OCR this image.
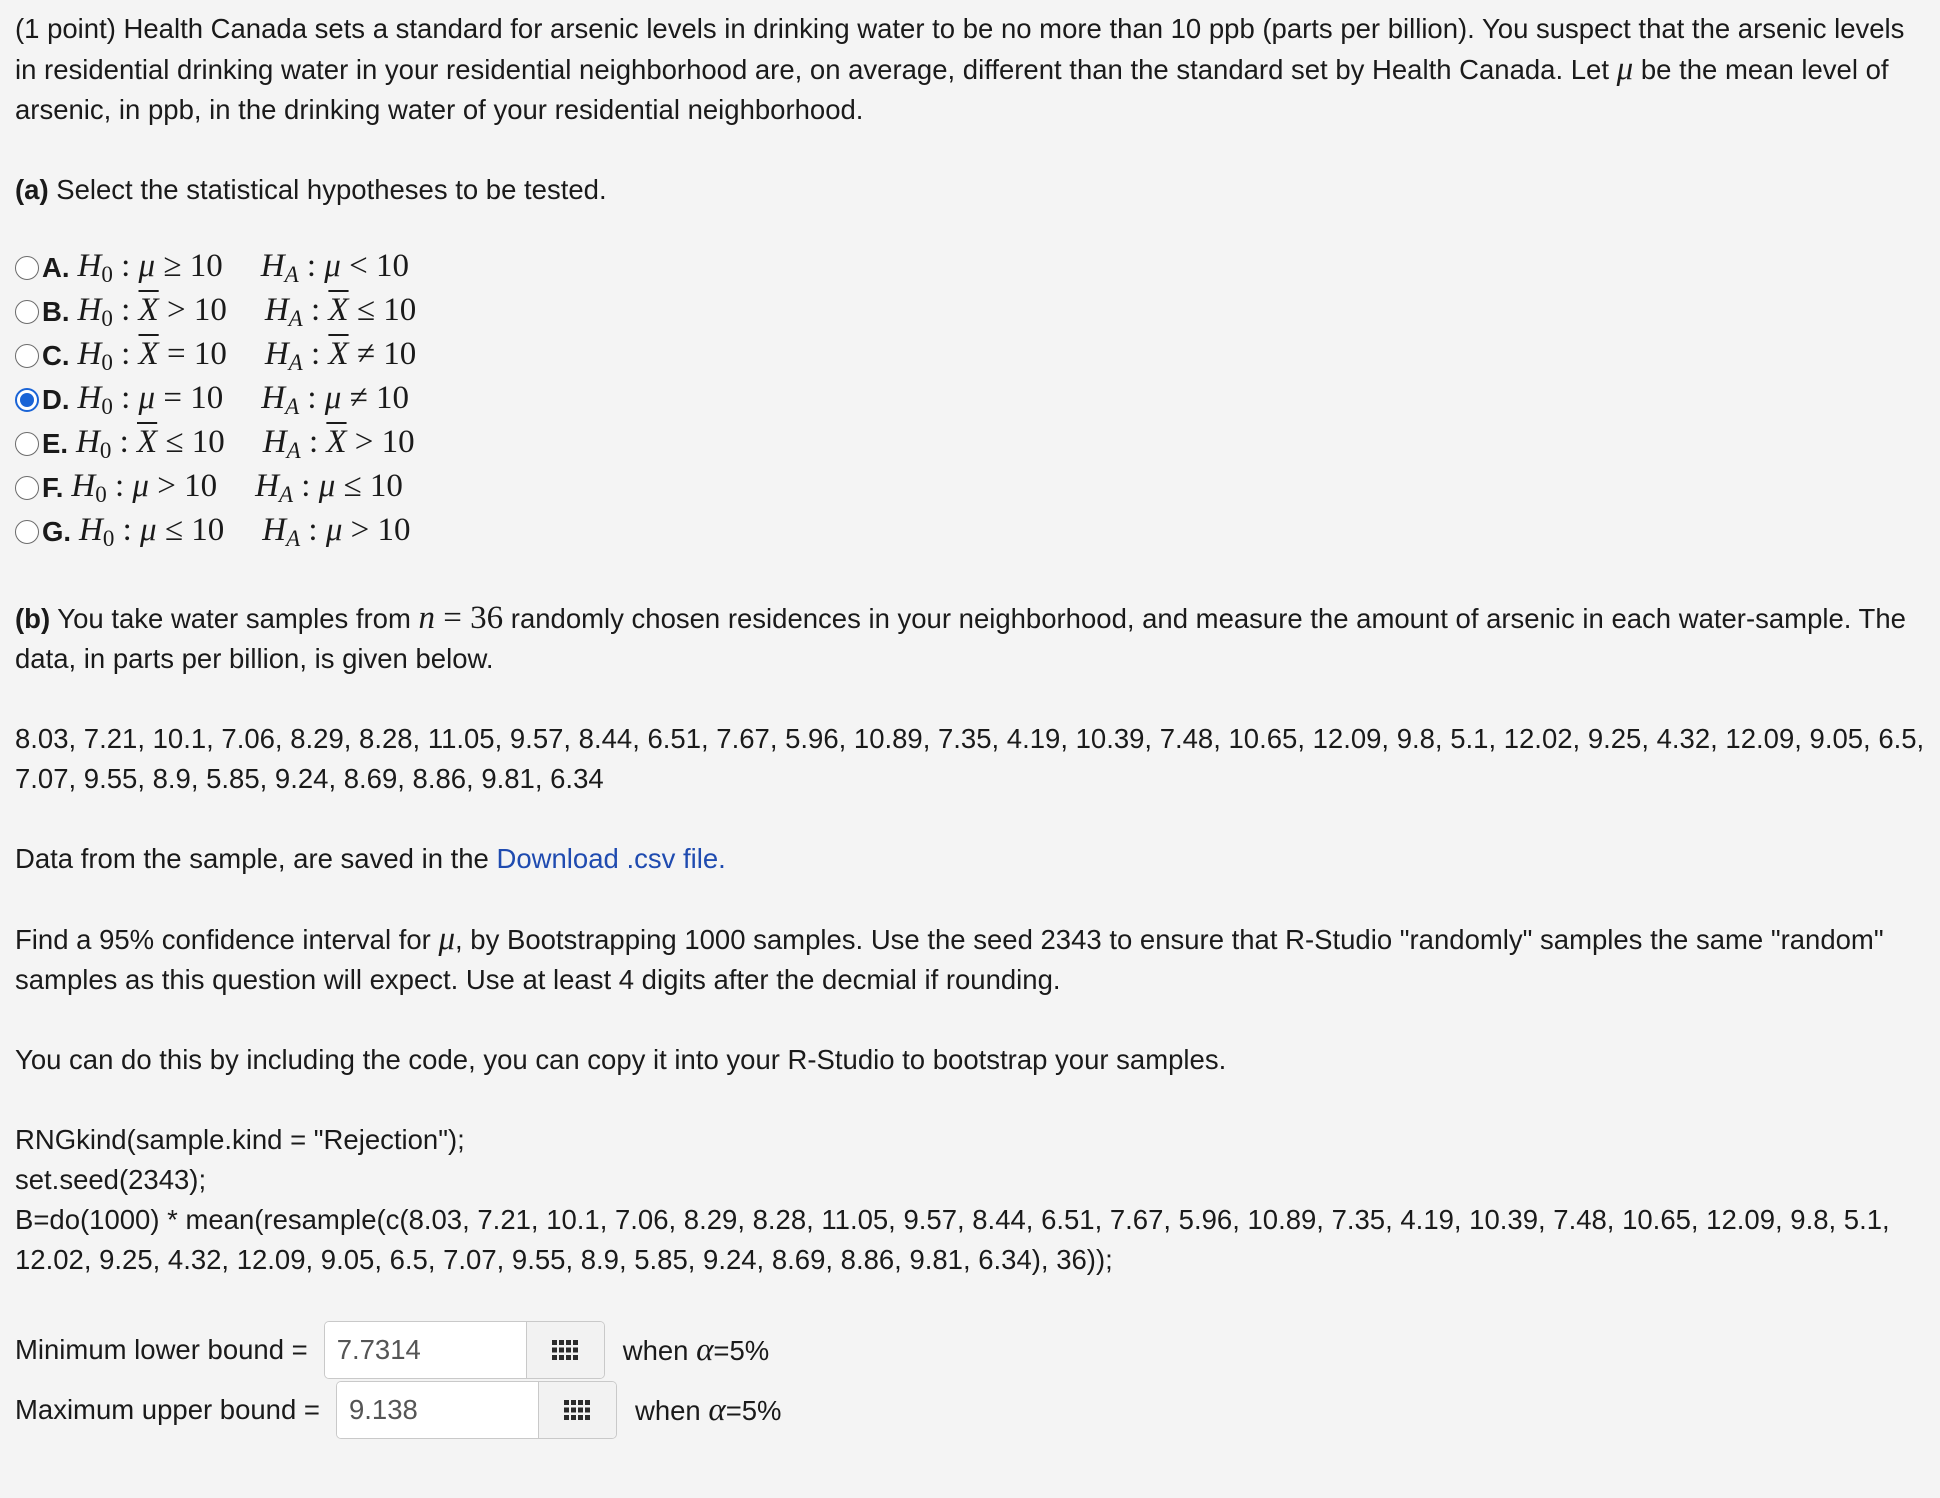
(1 point) Health Canada sets a standard for arsenic levels in drinking water to be no more than 10 ppb (parts per billion). You suspect that the arsenic levels in residential drinking water in your residential neighborhood are, on average, different than the standard set by Health Canada. Let μ be the mean level of arsenic, in ppb, in the drinking water of your residential neighborhood.

(a) Select the statistical hypotheses to be tested.

A. $H_0$ : μ ≥ 10 $H_A$ : μ < 10
B. $H_0$ : $\overline{X} > 10$ $H_A$ : $\overline{X} \le 10$
C. $H_0$ : $\overline{X} = 10$ $H_A$ : $\overline{X} \ne 10$
D. $H_0$ : μ = 10 $H_A$ : μ ≠ 10
E. $H_0$ : $\overline{X} \le 10$ $H_A$ : $\overline{X} > 10$
F. $H_0$ : μ > 10 $H_A$ : μ ≤ 10
G. $H_0$ : μ ≤ 10 $H_A$ : μ > 10

(b) You take water samples from n = 36 randomly chosen residences in your neighborhood, and measure the amount of arsenic in each water-sample. The data, in parts per billion, is given below.

8.03, 7.21, 10.1, 7.06, 8.29, 8.28, 11.05, 9.57, 8.44, 6.51, 7.67, 5.96, 10.89, 7.35, 4.19, 10.39, 7.48, 10.65, 12.09, 9.8, 5.1, 12.02, 9.25, 4.32, 12.09, 9.05, 6.5, 7.07, 9.55, 8.9, 5.85, 9.24, 8.69, 8.86, 9.81, 6.34

Data from the sample, are saved in the Download .csv file.

Find a 95% confidence interval for μ, by Bootstrapping 1000 samples. Use the seed 2343 to ensure that R-Studio "randomly" samples the same "random" samples as this question will expect. Use at least 4 digits after the decmial if rounding.

You can do this by including the code, you can copy it into your R-Studio to bootstrap your samples.

RNGkind(sample.kind = "Rejection");

set.seed(2343);

B=do(1000) * mean(resample(c(8.03, 7.21, 10.1, 7.06, 8.29, 8.28, 11.05, 9.57, 8.44, 6.51, 7.67, 5.96, 10.89, 7.35, 4.19, 10.39, 7.48, 10.65, 12.09, 9.8, 5.1, 12.02, 9.25, 4.32, 12.09, 9.05, 6.5, 7.07, 9.55, 8.9, 5.85, 9.24, 8.69, 8.86, 9.81, 6.34), 36));

Minimum lower bound =
7.7314	when α=5%
Maximum upper bound =
9.138	when α=5%
